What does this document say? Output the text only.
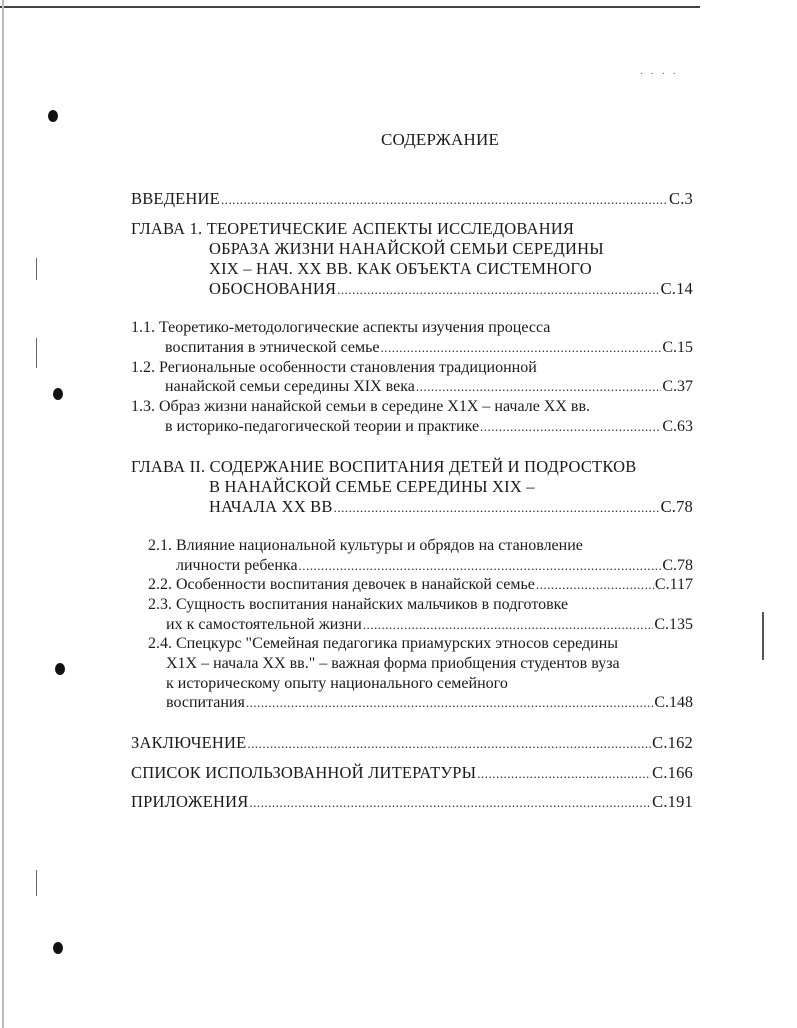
. . . .
СОДЕРЖАНИЕ
ВВЕДЕНИЕ .....	С.3
ГЛАВА 1. ТЕОРЕТИЧЕСКИЕ АСПЕКТЫ ИССЛЕДОВАНИЯ
ОБРАЗА ЖИЗНИ НАНАЙСКОЙ СЕМЬИ СЕРЕДИНЫ
XIX – НАЧ. XX ВВ. КАК ОБЪЕКТА СИСТЕМНОГО
ОБОСНОВАНИЯ .....	С.14
1.1. Теоретико-методологические аспекты изучения процесса
воспитания в этнической семье .....	С.15
1.2. Региональные особенности становления традиционной
нанайской семьи середины XIX века .....	С.37
1.3. Образ жизни нанайской семьи в середине Х1Х – начале ХХ вв.
в историко-педагогической теории и практике .....	С.63
ГЛАВА II. СОДЕРЖАНИЕ ВОСПИТАНИЯ ДЕТЕЙ И ПОДРОСТКОВ
В НАНАЙСКОЙ СЕМЬЕ СЕРЕДИНЫ XIX –
НАЧАЛА XX ВВ .....	С.78
2.1. Влияние национальной культуры и обрядов на становление
личности ребенка .....	С.78
2.2. Особенности воспитания девочек в нанайской семье .....	С.117
2.3. Сущность воспитания нанайских мальчиков в подготовке
их к самостоятельной жизни .....	С.135
2.4. Спецкурс "Семейная педагогика приамурских этносов середины
Х1Х – начала ХХ вв." – важная форма приобщения студентов вуза
к историческому опыту национального семейного
воспитания .....	С.148
ЗАКЛЮЧЕНИЕ .....	С.162
СПИСОК ИСПОЛЬЗОВАННОЙ ЛИТЕРАТУРЫ .....	С.166
ПРИЛОЖЕНИЯ .....	С.191
